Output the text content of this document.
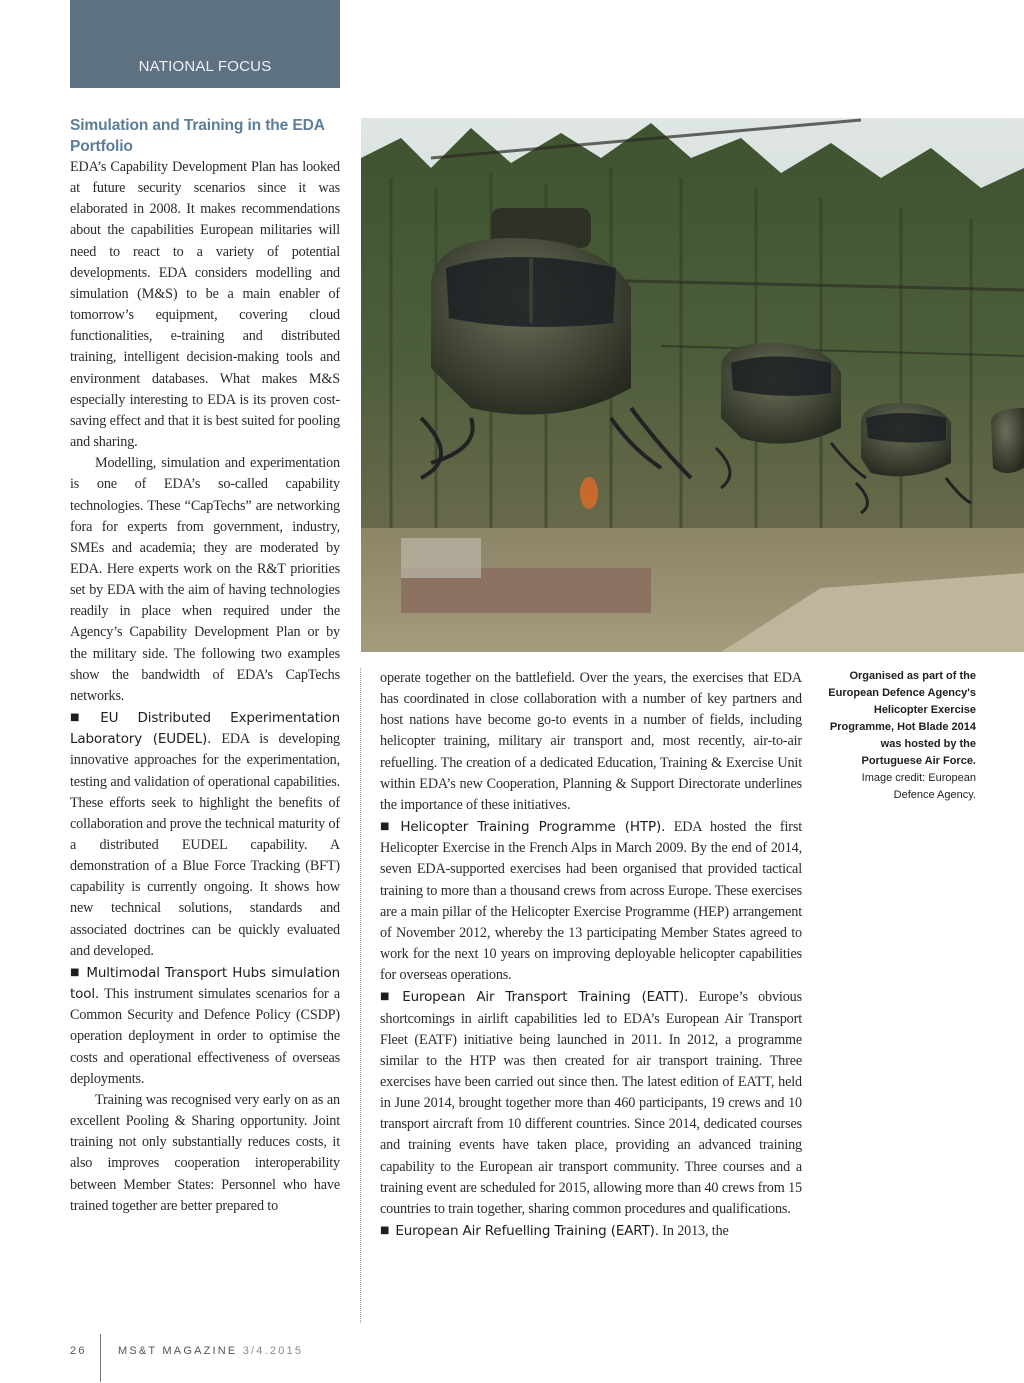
NATIONAL FOCUS

Simulation and Training in the EDA Portfolio

EDA’s Capability Development Plan has looked at future security scenarios since it was elaborated in 2008. It makes recommendations about the capabilities European militaries will need to react to a variety of potential developments. EDA considers modelling and simulation (M&S) to be a main enabler of tomorrow’s equipment, covering cloud functionalities, e-training and distributed training, intelligent decision-making tools and environment databases. What makes M&S especially interesting to EDA is its proven cost-saving effect and that it is best suited for pooling and sharing.

Modelling, simulation and experimentation is one of EDA’s so-called capability technologies. These “CapTechs” are networking fora for experts from government, industry, SMEs and academia; they are moderated by EDA. Here experts work on the R&T priorities set by EDA with the aim of having technologies readily in place when required under the Agency’s Capability Development Plan or by the military side. The following two examples show the bandwidth of EDA’s CapTechs networks.

■ EU Distributed Experimentation Laboratory (EUDEL). EDA is developing innovative approaches for the experimentation, testing and validation of operational capabilities. These efforts seek to highlight the benefits of collaboration and prove the technical maturity of a distributed EUDEL capability. A demonstration of a Blue Force Tracking (BFT) capability is currently ongoing. It shows how new technical solutions, standards and associated doctrines can be quickly evaluated and developed.

■ Multimodal Transport Hubs simulation tool. This instrument simulates scenarios for a Common Security and Defence Policy (CSDP) operation deployment in order to optimise the costs and operational effectiveness of overseas deployments.

Training was recognised very early on as an excellent Pooling & Sharing opportunity. Joint training not only substantially reduces costs, it also improves cooperation interoperability between Member States: Personnel who have trained together are better prepared to

operate together on the battlefield. Over the years, the exercises that EDA has coordinated in close collaboration with a number of key partners and host nations have become go-to events in a number of fields, including helicopter training, military air transport and, most recently, air-to-air refuelling. The creation of a dedicated Education, Training & Exercise Unit within EDA’s new Cooperation, Planning & Support Directorate underlines the importance of these initiatives.

■ Helicopter Training Programme (HTP). EDA hosted the first Helicopter Exercise in the French Alps in March 2009. By the end of 2014, seven EDA-supported exercises had been organised that provided tactical training to more than a thousand crews from across Europe. These exercises are a main pillar of the Helicopter Exercise Programme (HEP) arrangement of November 2012, whereby the 13 participating Member States agreed to work for the next 10 years on improving deployable helicopter capabilities for overseas operations.

■ European Air Transport Training (EATT). Europe’s obvious shortcomings in airlift capabilities led to EDA’s European Air Transport Fleet (EATF) initiative being launched in 2011. In 2012, a programme similar to the HTP was then created for air transport training. Three exercises have been carried out since then. The latest edition of EATT, held in June 2014, brought together more than 460 participants, 19 crews and 10 transport aircraft from 10 different countries. Since 2014, dedicated courses and training events have taken place, providing an advanced training capability to the European air transport community. Three courses and a training event are scheduled for 2015, allowing more than 40 crews from 15 countries to train together, sharing common procedures and qualifications.

■ European Air Refuelling Training (EART). In 2013, the

Organised as part of the European Defence Agency's Helicopter Exercise Programme, Hot Blade 2014 was hosted by the Portuguese Air Force.
Image credit: European Defence Agency.
26	MS&T MAGAZINE 3/4.2015
